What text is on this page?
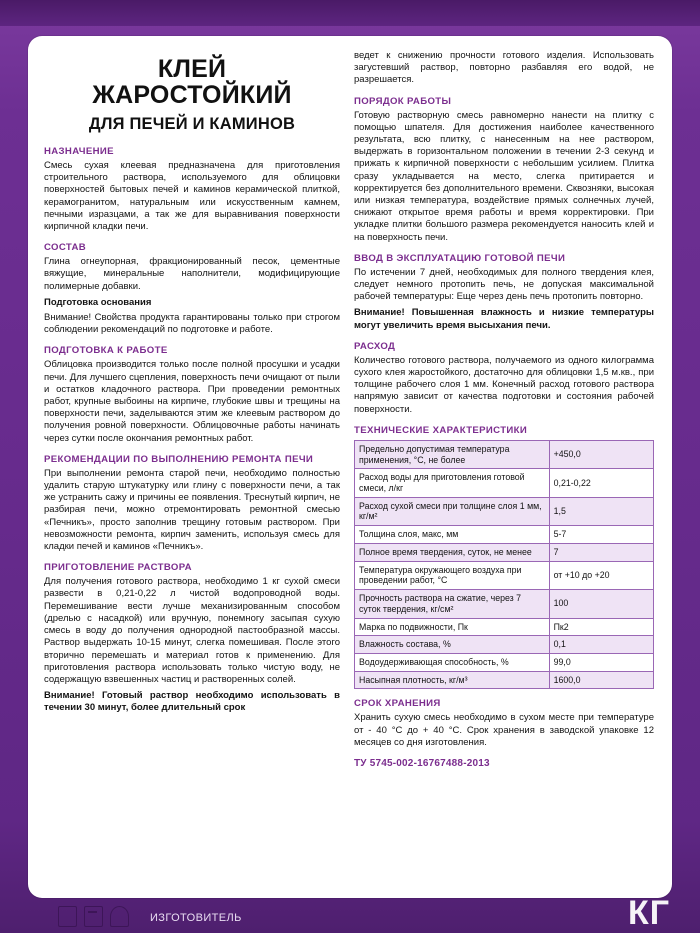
КЛЕЙ
ЖАРОСТОЙКИЙ
ДЛЯ ПЕЧЕЙ И КАМИНОВ
НАЗНАЧЕНИЕ

Смесь сухая клеевая предназначена для приготовления строительного раствора, используемого для облицовки поверхностей бытовых печей и каминов керамической плиткой, керамогранитом, натуральным или искусственным камнем, печными изразцами, а так же для выравнивания поверхности кирпичной кладки печи.

СОСТАВ

Глина огнеупорная, фракционированный песок, цементные вяжущие, минеральные наполнители, модифицирующие полимерные добавки.

Подготовка основания

Внимание! Свойства продукта гарантированы только при строгом соблюдении рекомендаций по подготовке и работе.

ПОДГОТОВКА К РАБОТЕ

Облицовка производится только после полной просушки и усадки печи. Для лучшего сцепления, поверхность печи очищают от пыли и остатков кладочного раствора. При проведении ремонтных работ, крупные выбоины на кирпиче, глубокие швы и трещины на поверхности печи, заделываются этим же клеевым раствором до получения ровной поверхности. Облицовочные работы начинать через сутки после окончания ремонтных работ.

РЕКОМЕНДАЦИИ ПО ВЫПОЛНЕНИЮ РЕМОНТА ПЕЧИ

При выполнении ремонта старой печи, необходимо полностью удалить старую штукатурку или глину с поверхности печи, а так же устранить сажу и причины ее появления. Треснутый кирпич, не разбирая печи, можно отремонтировать ремонтной смесью «Печникъ», просто заполнив трещину готовым раствором. При невозможности ремонта, кирпич заменить, используя смесь для кладки печей и каминов «Печникъ».

ПРИГОТОВЛЕНИЕ РАСТВОРА

Для получения готового раствора, необходимо 1 кг сухой смеси развести в 0,21-0,22 л чистой водопроводной воды. Перемешивание вести лучше механизированным способом (дрелью с насадкой) или вручную, понемногу засыпая сухую смесь в воду до получения однородной пастообразной массы. Раствор выдержать 10-15 минут, слегка помешивая. После этого вторично перемешать и материал готов к применению. Для приготовления раствора использовать только чистую воду, не содержащую взвешенных частиц и растворенных солей.

Внимание! Готовый раствор необходимо использовать в течении 30 минут, более длительный срок

ведет к снижению прочности готового изделия. Использовать загустевший раствор, повторно разбавляя его водой, не разрешается.

ПОРЯДОК РАБОТЫ

Готовую растворную смесь равномерно нанести на плитку с помощью шпателя. Для достижения наиболее качественного результата, всю плитку, с нанесенным на нее раствором, выдержать в горизонтальном положении в течении 2-3 секунд и прижать к кирпичной поверхности с небольшим усилием. Плитка сразу укладывается на место, слегка притирается и корректируется без дополнительного времени. Сквозняки, высокая или низкая температура, воздействие прямых солнечных лучей, снижают открытое время работы и время корректировки. При укладке плитки большого размера рекомендуется наносить клей и на поверхность печи.

ВВОД В ЭКСПЛУАТАЦИЮ ГОТОВОЙ ПЕЧИ

По истечении 7 дней, необходимых для полного твердения клея, следует немного протопить печь, не допуская максимальной рабочей температуры: Еще через день печь протопить повторно.

Внимание! Повышенная влажность и низкие температуры могут увеличить время высыхания печи.

РАСХОД

Количество готового раствора, получаемого из одного килограмма сухого клея жаростойкого, достаточно для облицовки 1,5 м.кв., при толщине рабочего слоя 1 мм. Конечный расход готового раствора напрямую зависит от качества подготовки и состояния рабочей поверхности.

ТЕХНИЧЕСКИЕ ХАРАКТЕРИСТИКИ
Предельно допустимая температура применения, °С, не более	+450,0
Расход воды для приготовления готовой смеси, л/кг	0,21-0,22
Расход сухой смеси при толщине слоя 1 мм, кг/м²	1,5
Толщина слоя, макс, мм	5-7
Полное время твердения, суток, не менее	7
Температура окружающего воздуха при проведении работ, °С	от +10 до +20
Прочность раствора на сжатие, через 7 суток твердения, кг/см²	100
Марка по подвижности, Пк	Пк2
Влажность состава, %	0,1
Водоудерживающая способность, %	99,0
Насыпная плотность, кг/м³	1600,0
СРОК ХРАНЕНИЯ

Хранить сухую смесь необходимо в сухом месте при температуре от - 40 °С до + 40 °С. Срок хранения в заводской упаковке 12 месяцев со дня изготовления.

ТУ 5745-002-16767488-2013
ИЗГОТОВИТЕЛЬ	КГ
